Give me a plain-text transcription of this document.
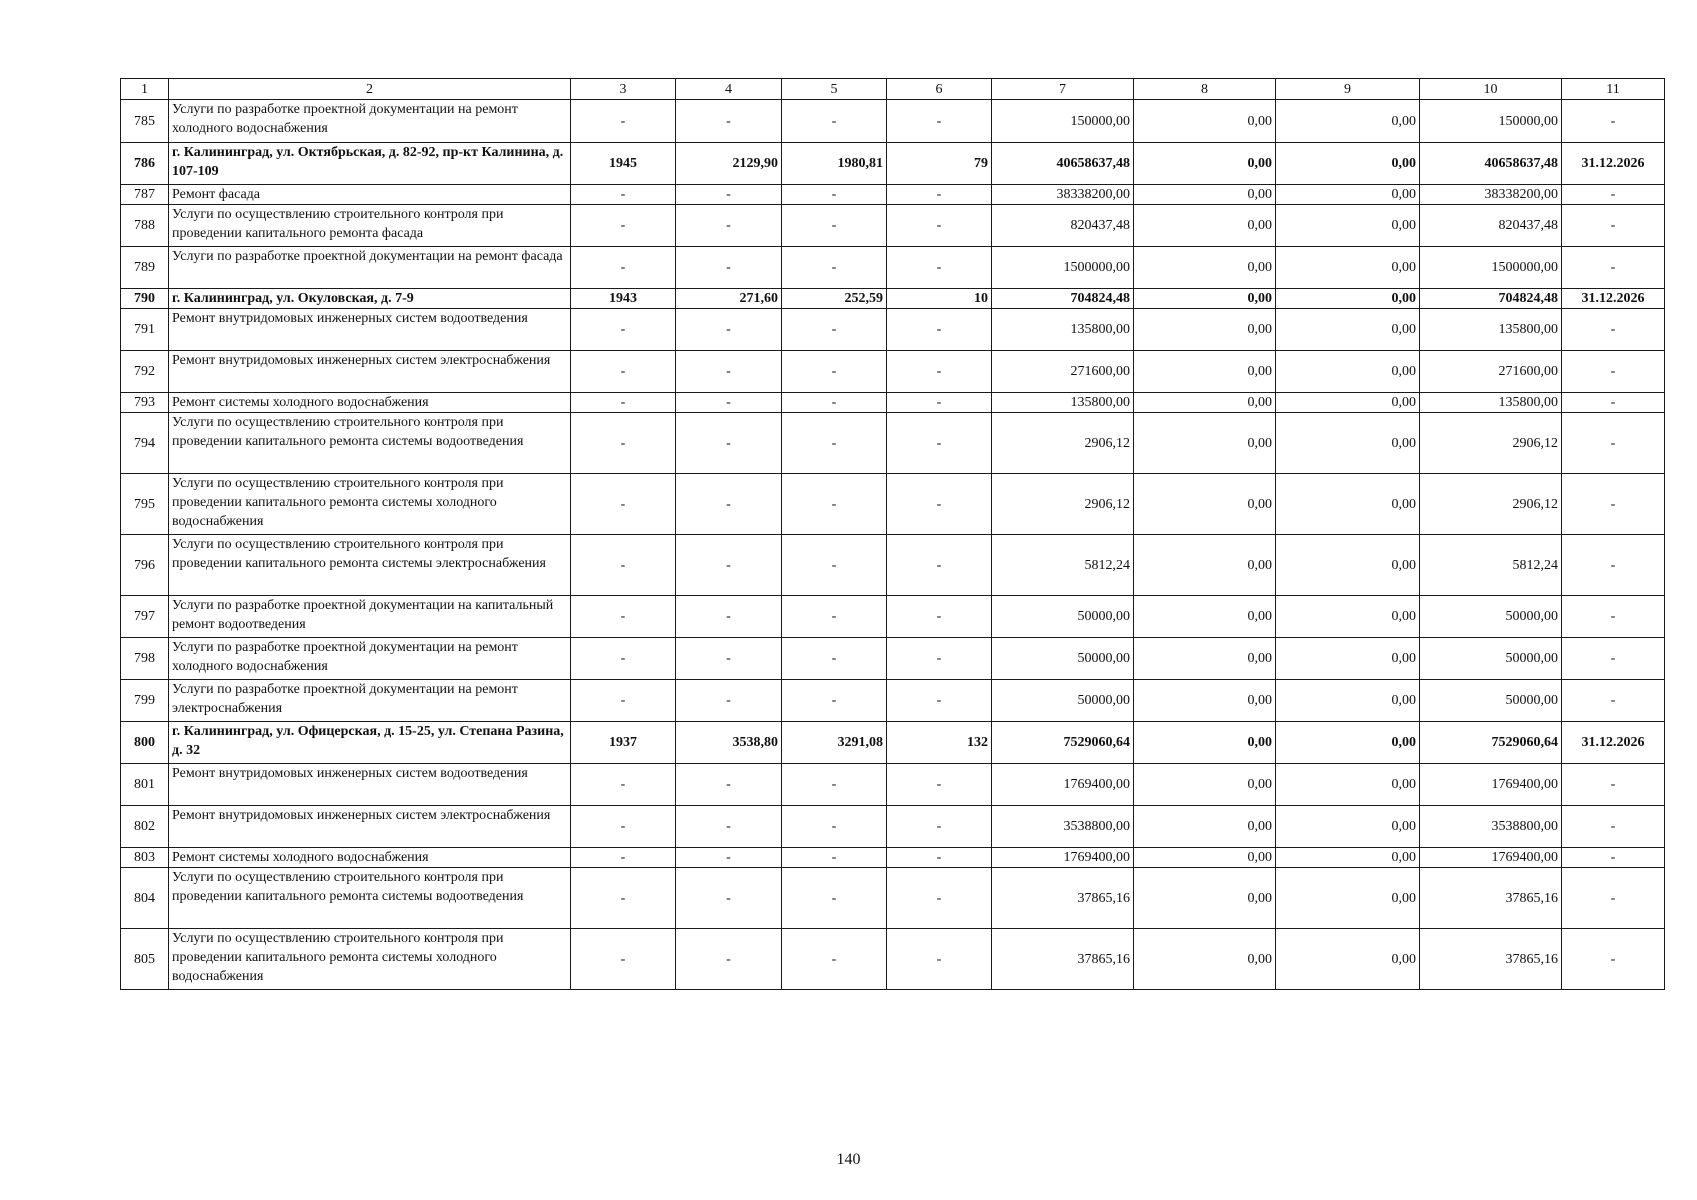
1	2	3	4	5	6	7	8	9	10	11
785	Услуги по разработке проектной документации на ремонт холодного водоснабжения	-	-	-	-	150000,00	0,00	0,00	150000,00	-
786	г. Калининград, ул. Октябрьская, д. 82-92, пр-кт Калинина, д. 107-109	1945	2129,90	1980,81	79	40658637,48	0,00	0,00	40658637,48	31.12.2026
787	Ремонт фасада	-	-	-	-	38338200,00	0,00	0,00	38338200,00	-
788	Услуги по осуществлению строительного контроля при проведении капитального ремонта фасада	-	-	-	-	820437,48	0,00	0,00	820437,48	-
789	Услуги по разработке проектной документации на ремонт фасада	-	-	-	-	1500000,00	0,00	0,00	1500000,00	-
790	г. Калининград, ул. Окуловская, д. 7-9	1943	271,60	252,59	10	704824,48	0,00	0,00	704824,48	31.12.2026
791	Ремонт внутридомовых инженерных систем водоотведения	-	-	-	-	135800,00	0,00	0,00	135800,00	-
792	Ремонт внутридомовых инженерных систем электроснабжения	-	-	-	-	271600,00	0,00	0,00	271600,00	-
793	Ремонт системы холодного водоснабжения	-	-	-	-	135800,00	0,00	0,00	135800,00	-
794	Услуги по осуществлению строительного контроля при проведении капитального ремонта системы водоотведения	-	-	-	-	2906,12	0,00	0,00	2906,12	-
795	Услуги по осуществлению строительного контроля при проведении капитального ремонта системы холодного водоснабжения	-	-	-	-	2906,12	0,00	0,00	2906,12	-
796	Услуги по осуществлению строительного контроля при проведении капитального ремонта системы электроснабжения	-	-	-	-	5812,24	0,00	0,00	5812,24	-
797	Услуги по разработке проектной документации на капитальный ремонт водоотведения	-	-	-	-	50000,00	0,00	0,00	50000,00	-
798	Услуги по разработке проектной документации на ремонт холодного водоснабжения	-	-	-	-	50000,00	0,00	0,00	50000,00	-
799	Услуги по разработке проектной документации на ремонт электроснабжения	-	-	-	-	50000,00	0,00	0,00	50000,00	-
800	г. Калининград, ул. Офицерская, д. 15-25, ул. Степана Разина, д. 32	1937	3538,80	3291,08	132	7529060,64	0,00	0,00	7529060,64	31.12.2026
801	Ремонт внутридомовых инженерных систем водоотведения	-	-	-	-	1769400,00	0,00	0,00	1769400,00	-
802	Ремонт внутридомовых инженерных систем электроснабжения	-	-	-	-	3538800,00	0,00	0,00	3538800,00	-
803	Ремонт системы холодного водоснабжения	-	-	-	-	1769400,00	0,00	0,00	1769400,00	-
804	Услуги по осуществлению строительного контроля при проведении капитального ремонта системы водоотведения	-	-	-	-	37865,16	0,00	0,00	37865,16	-
805	Услуги по осуществлению строительного контроля при проведении капитального ремонта системы холодного водоснабжения	-	-	-	-	37865,16	0,00	0,00	37865,16	-
140
